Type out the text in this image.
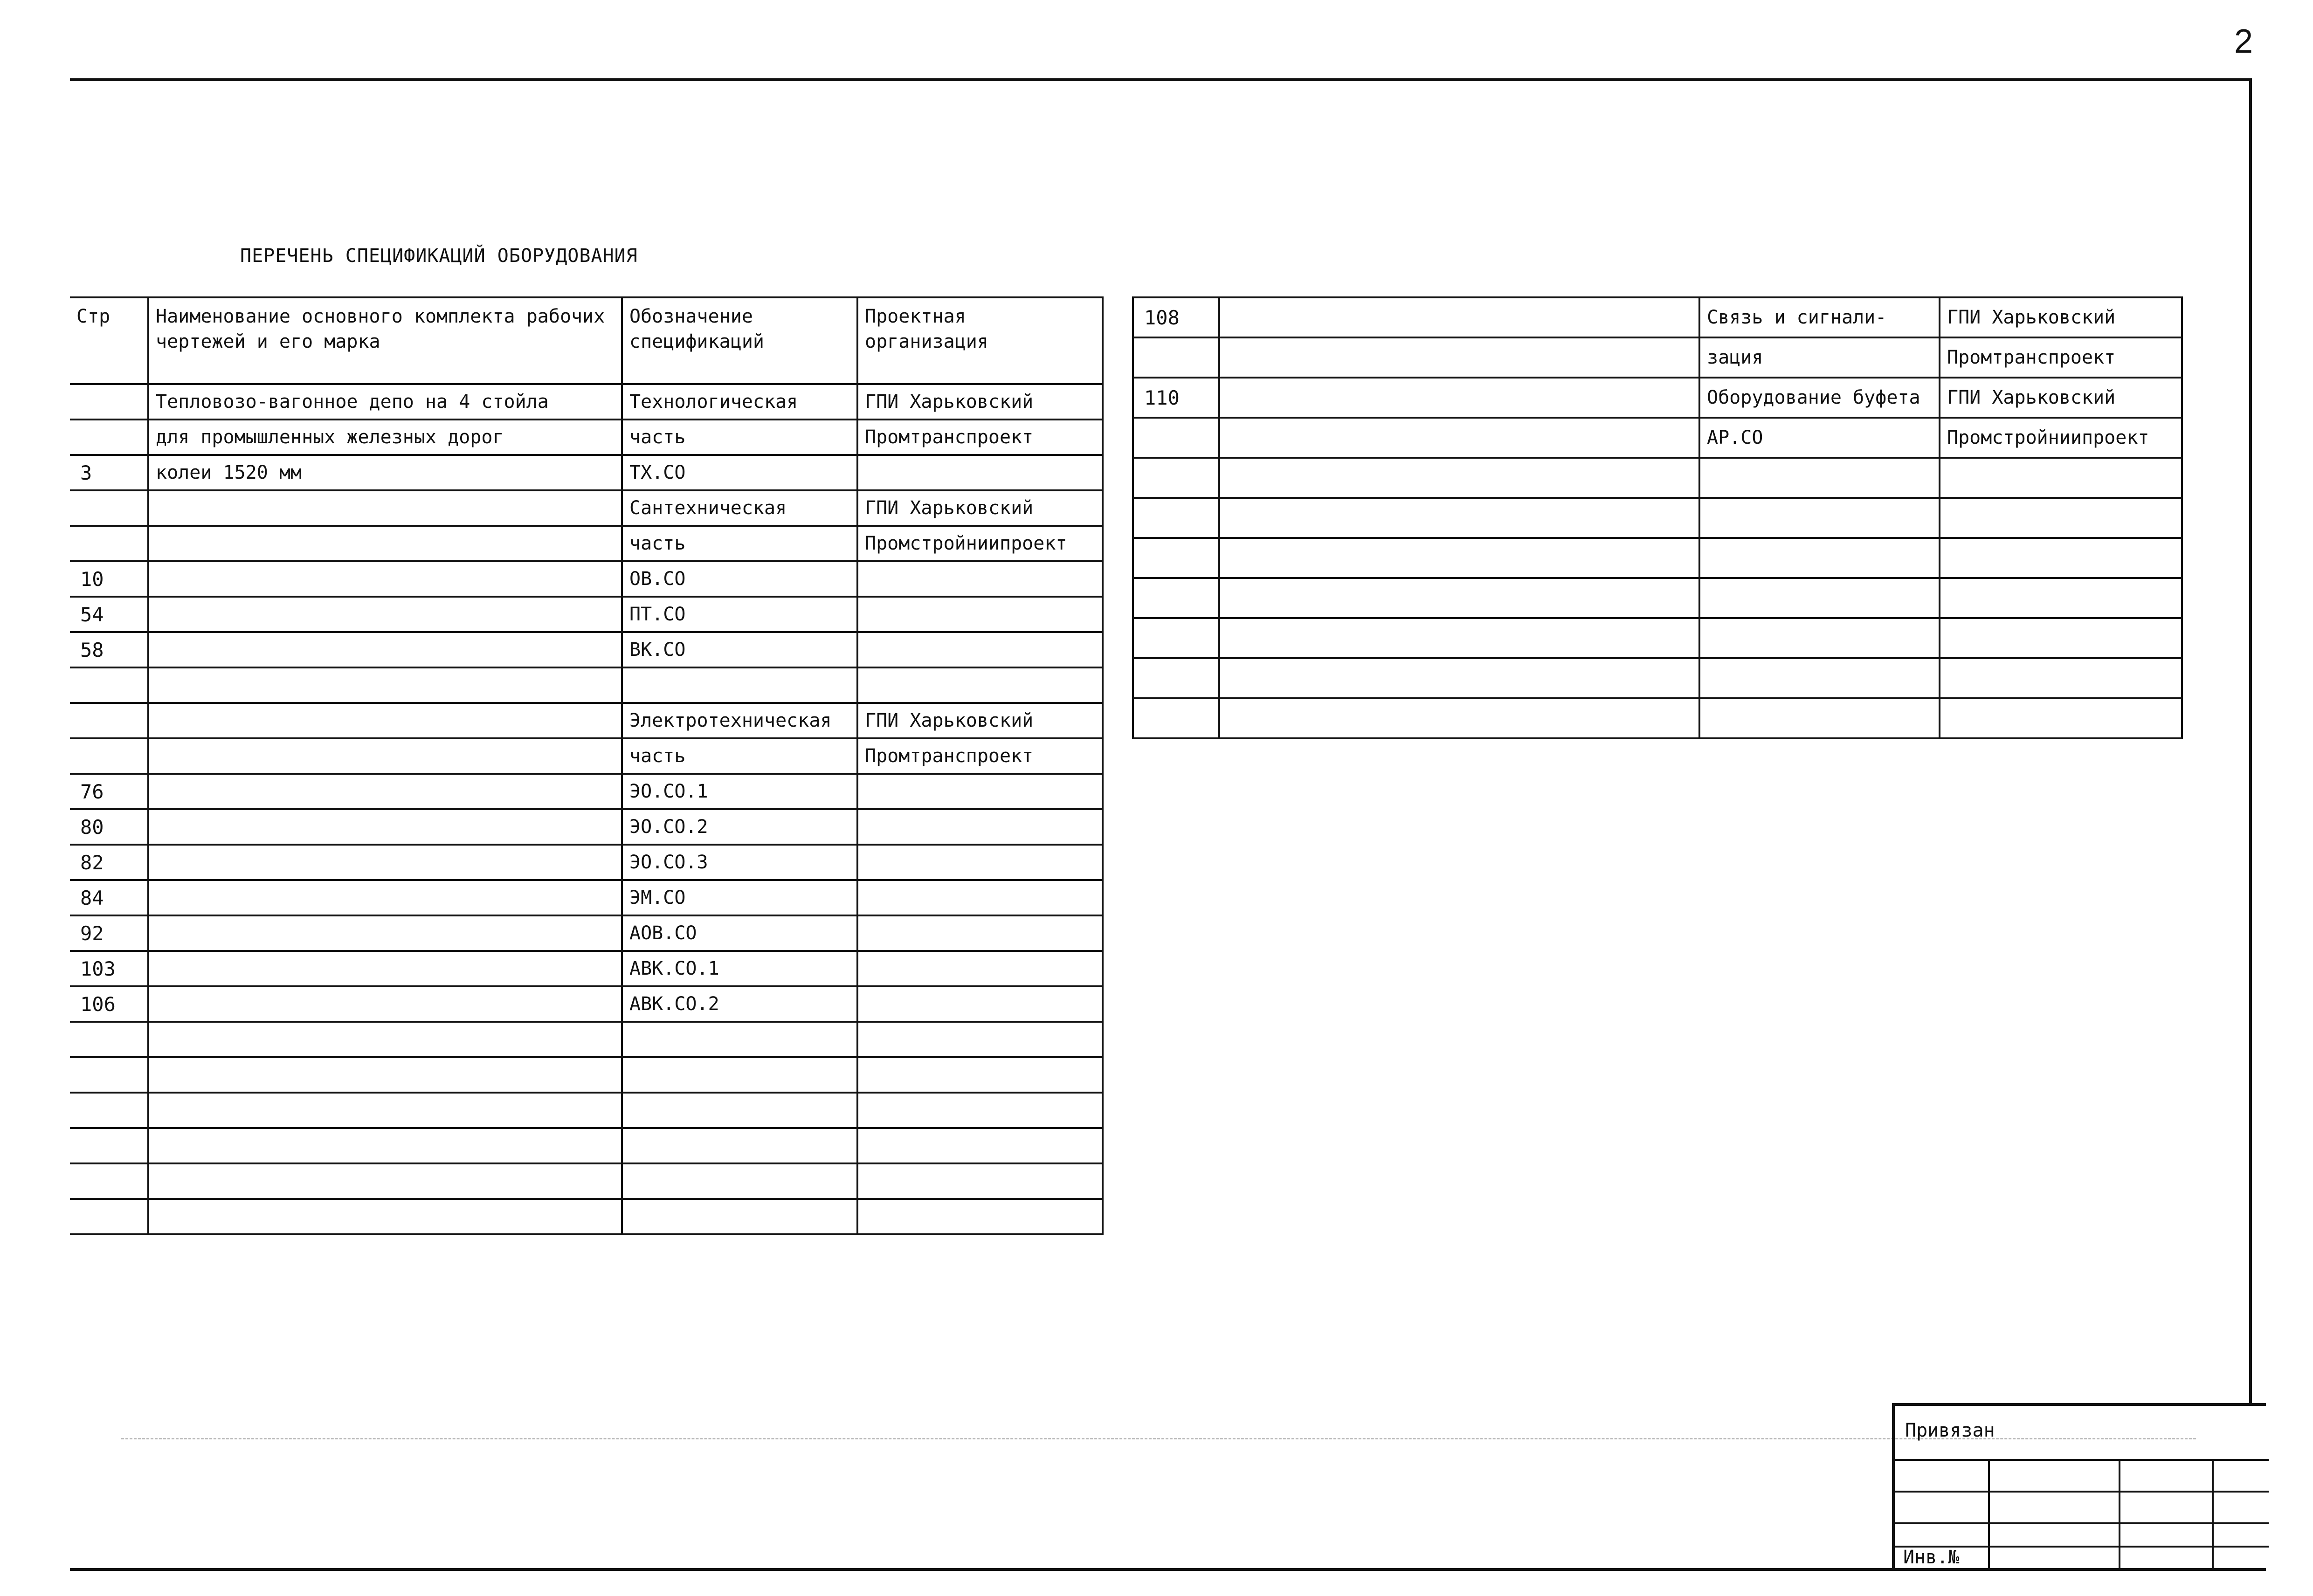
2
ПЕРЕЧЕНЬ СПЕЦИФИКАЦИЙ ОБОРУДОВАНИЯ
Стр	Наименование основного комплекта рабочих чертежей и его марка	Обозначение спецификаций	Проектная организация
	Тепловозо-вагонное депо на 4 стойла	Технологическая	ГПИ Харьковский
	для промышленных железных дорог	часть	Промтранспроект
3	колеи 1520 мм	ТХ.СО	
		Сантехническая	ГПИ Харьковский
		часть	Промстройниипроект
10		ОВ.СО	
54		ПТ.СО	
58		ВК.СО	

		Электротехническая	ГПИ Харьковский
		часть	Промтранспроект
76		ЭО.СО.1	
80		ЭО.СО.2	
82		ЭО.СО.3	
84		ЭМ.СО	
92		АОВ.СО	
103		АВК.СО.1	
106		АВК.СО.2	

108		Связь и сигнали-	ГПИ Харьковский
		зация	Промтранспроект
110		Оборудование буфета	ГПИ Харьковский
		АР.СО	Промстройниипроект

Привязан
Инв.№
